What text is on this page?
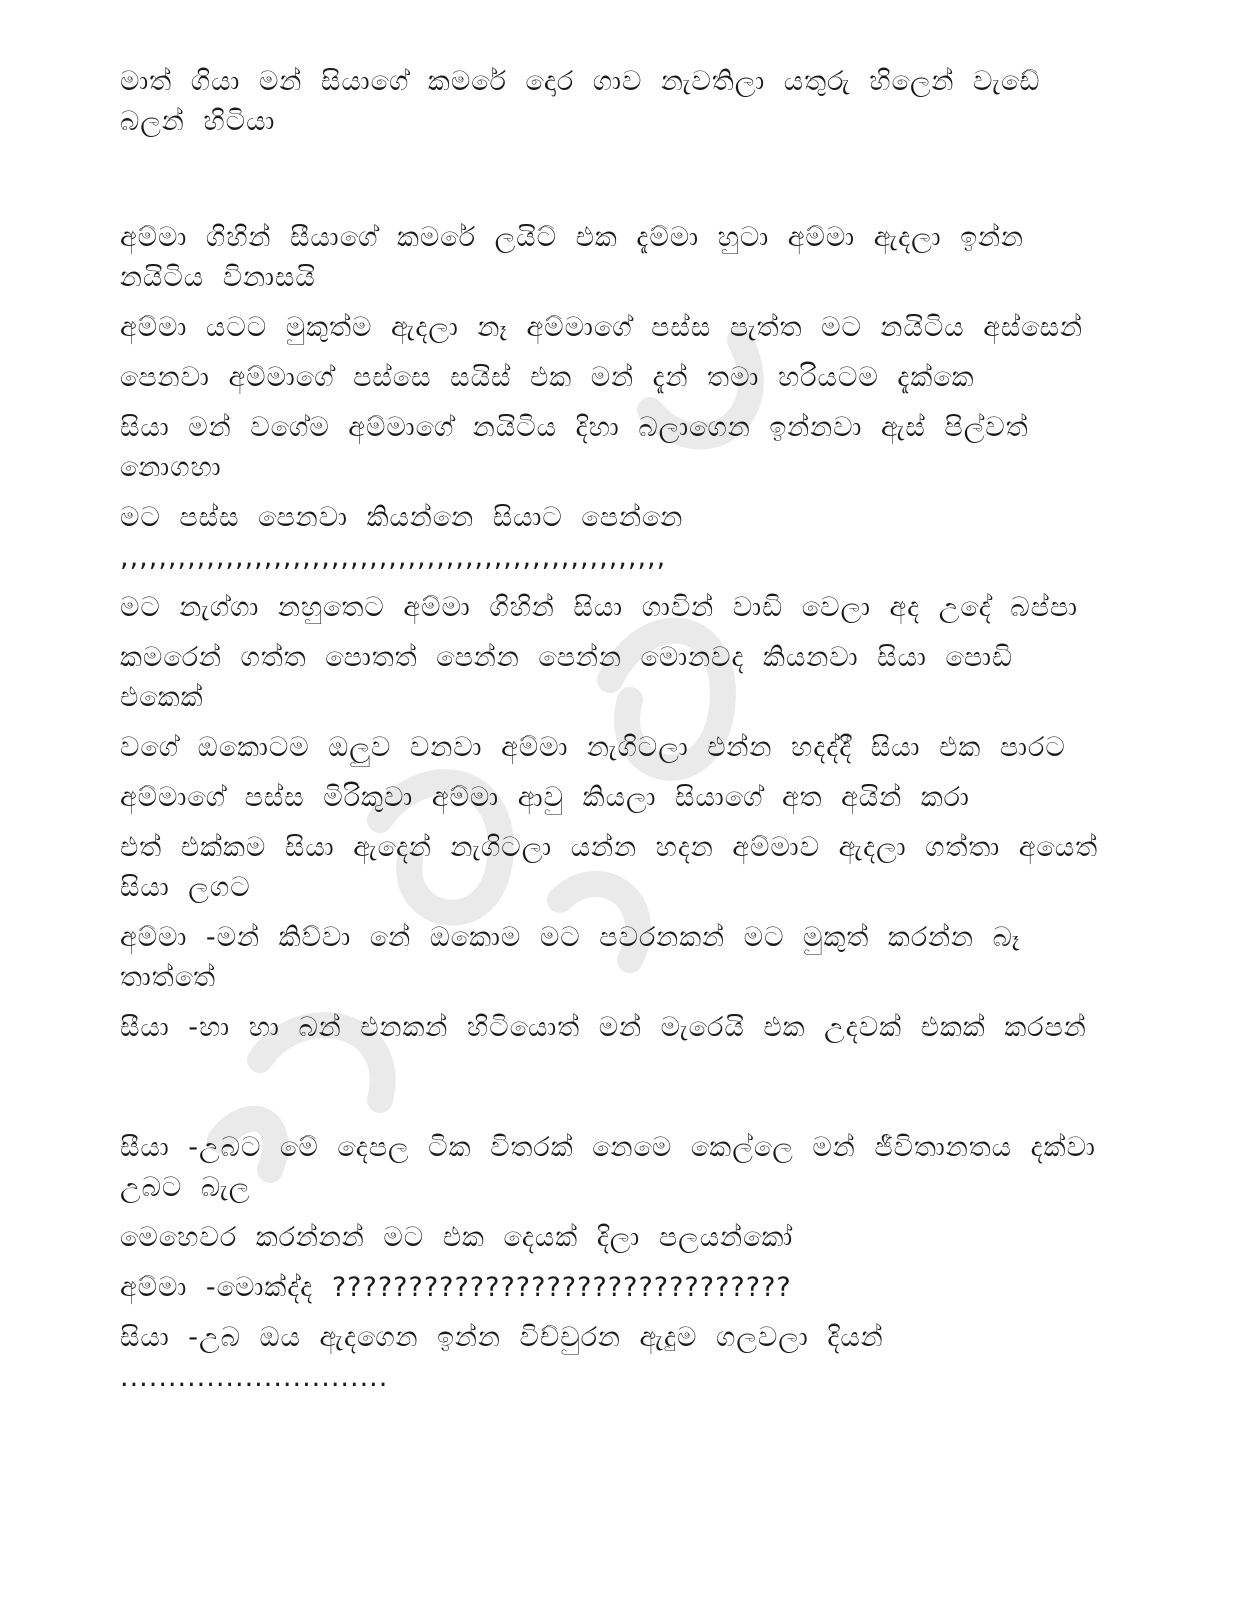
මාත් ගියා මන් සියාගේ කමරේ දොර ගාව නැවතිලා යතුරු හිලෙන් වැඩේ බලන් හිටියා

අම්මා ගිහින් සීයාගේ කමරේ ලයිට් එක දැම්මා හුටා අම්මා ඇදලා ඉන්න නයිටිය විනාසයි

අම්මා යටට මුකුත්ම ඇදලා නෑ අම්මාගේ පස්ස පැත්ත මට නයිටිය අස්සෙන්

පෙනවා අම්මාගේ පස්සෙ සයිස් එක මන් දැන් තමා හරියටම දැක්කෙ

සියා මන් වගේම අම්මාගේ නයිටිය දිහා බලාගෙන ඉන්නවා ඇස් පිල්වත් නොගහා

මට පස්ස පෙනවා කියන්නෙ සියාට පෙන්නෙ ,,,,,,,,,,,,,,,,,,,,,,,,,,,,,,,,,,,,,,,,,,,,,,,,,,,,,,,,,

මට නැග්ගා නහුතෙට අම්මා ගිහින් සියා ගාවින් වාඩි වෙලා අද උදේ බප්පා

කමරෙන් ගත්ත පොතත් පෙන්න පෙන්න මොනවද කියනවා සියා පොඩි එකෙක්

වගේ ඔකොටම ඔලුව වනවා අම්මා නැගිටලා එන්න හදද්දී සියා එක පාරට

අම්මාගේ පස්ස මිරිකුවා අම්මා ආවු කියලා සියාගේ අත අයින් කරා

එත් එක්කම සියා ඇදෙන් නැගිටලා යන්න හදන අම්මාව ඇදලා ගත්තා අයෙත් සියා ලගට

අම්මා -මන් කිව්වා නේ ඔකොම මට පවරනකන් මට මුකුත් කරන්න බෑ තාත්තේ

සීයා -හා හා බන් එනකන් හිටියොත් මන් මැරෙයි එක උදවක් එකක් කරපන්

සීයා -උබට මේ දෙපල ටික විතරක් නෙමෙ කෙල්ලෙ මන් ජීවිතානතය දක්වා උබට බැල

මෙහෙවර කරන්නන් මට එක දෙයක් දිලා පලයන්කෝ

අම්මා -මොක්ද්ද ??????????????????????????????

සියා -උබ ඔය ඇදගෙන ඉන්න විච්චුරන ඇදුම ගලවලා දියන් ............................
